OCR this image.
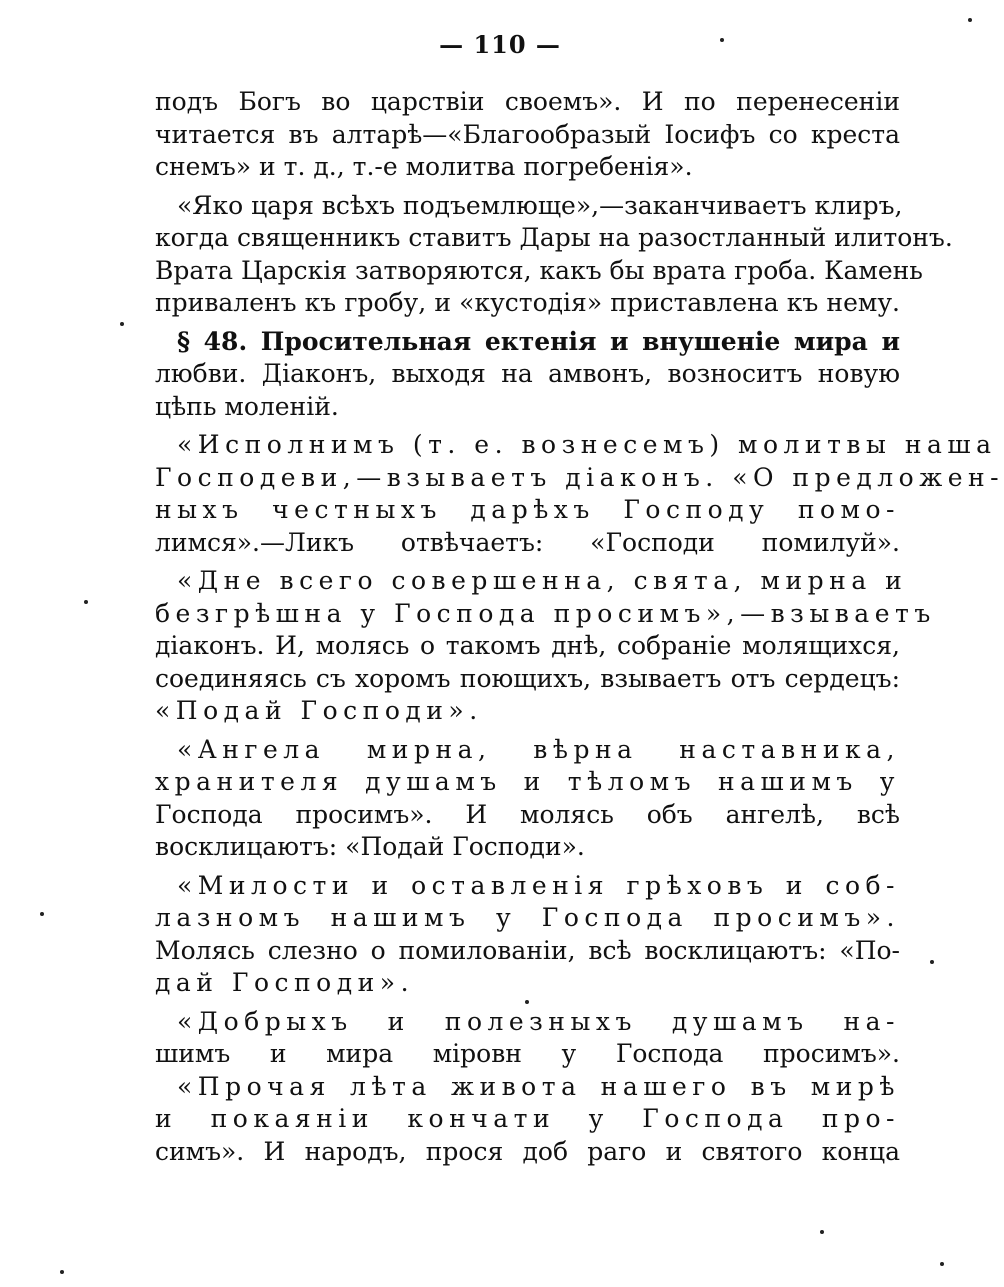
— 110 —
подъ Богъ во царствіи своемъ». И по перенесеніи
читается въ алтарѣ—«Благообразый Іосифъ со креста
снемъ» и т. д., т.-е молитва погребенія».
«Яко царя всѣхъ подъемлюще»,—заканчиваетъ клиръ,
когда священникъ ставитъ Дары на разостланный илитонъ.
Врата Царскія затворяются, какъ бы врата гроба. Камень
приваленъ къ гробу, и «кустодія» приставлена къ нему.
§ 48. Просительная ектенія и внушеніе мира и
любви. Діаконъ, выходя на амвонъ, возноситъ новую
цѣпь моленій.
«Исполнимъ (т. е. вознесемъ) молитвы наша
Господеви,—взываетъ діаконъ. «О предложен-
ныхъ честныхъ дарѣхъ Господу помо-
лимся».—Ликъ отвѣчаетъ: «Господи помилуй».
«Дне всего совершенна, свята, мирна и
безгрѣшна у Господа просимъ»,—взываетъ
діаконъ. И, молясь о такомъ днѣ, собраніе молящихся,
соединяясь съ хоромъ поющихъ, взываетъ отъ сердецъ:
«Подай Господи».
«Ангела мирна, вѣрна наставника,
хранителя душамъ и тѣломъ нашимъ у
Господа просимъ». И молясь объ ангелѣ, всѣ
восклицаютъ: «Подай Господи».
«Милости и оставленія грѣховъ и соб-
лазномъ нашимъ у Господа просимъ».
Молясь слезно о помилованіи, всѣ восклицаютъ: «По-
дай Господи».
«Добрыхъ и полезныхъ душамъ на-
шимъ и мира міровн у Господа просимъ».
«Прочая лѣта живота нашего въ мирѣ
и покаяніи кончати у Господа про-
симъ». И народъ, прося доб раго и святого конца
